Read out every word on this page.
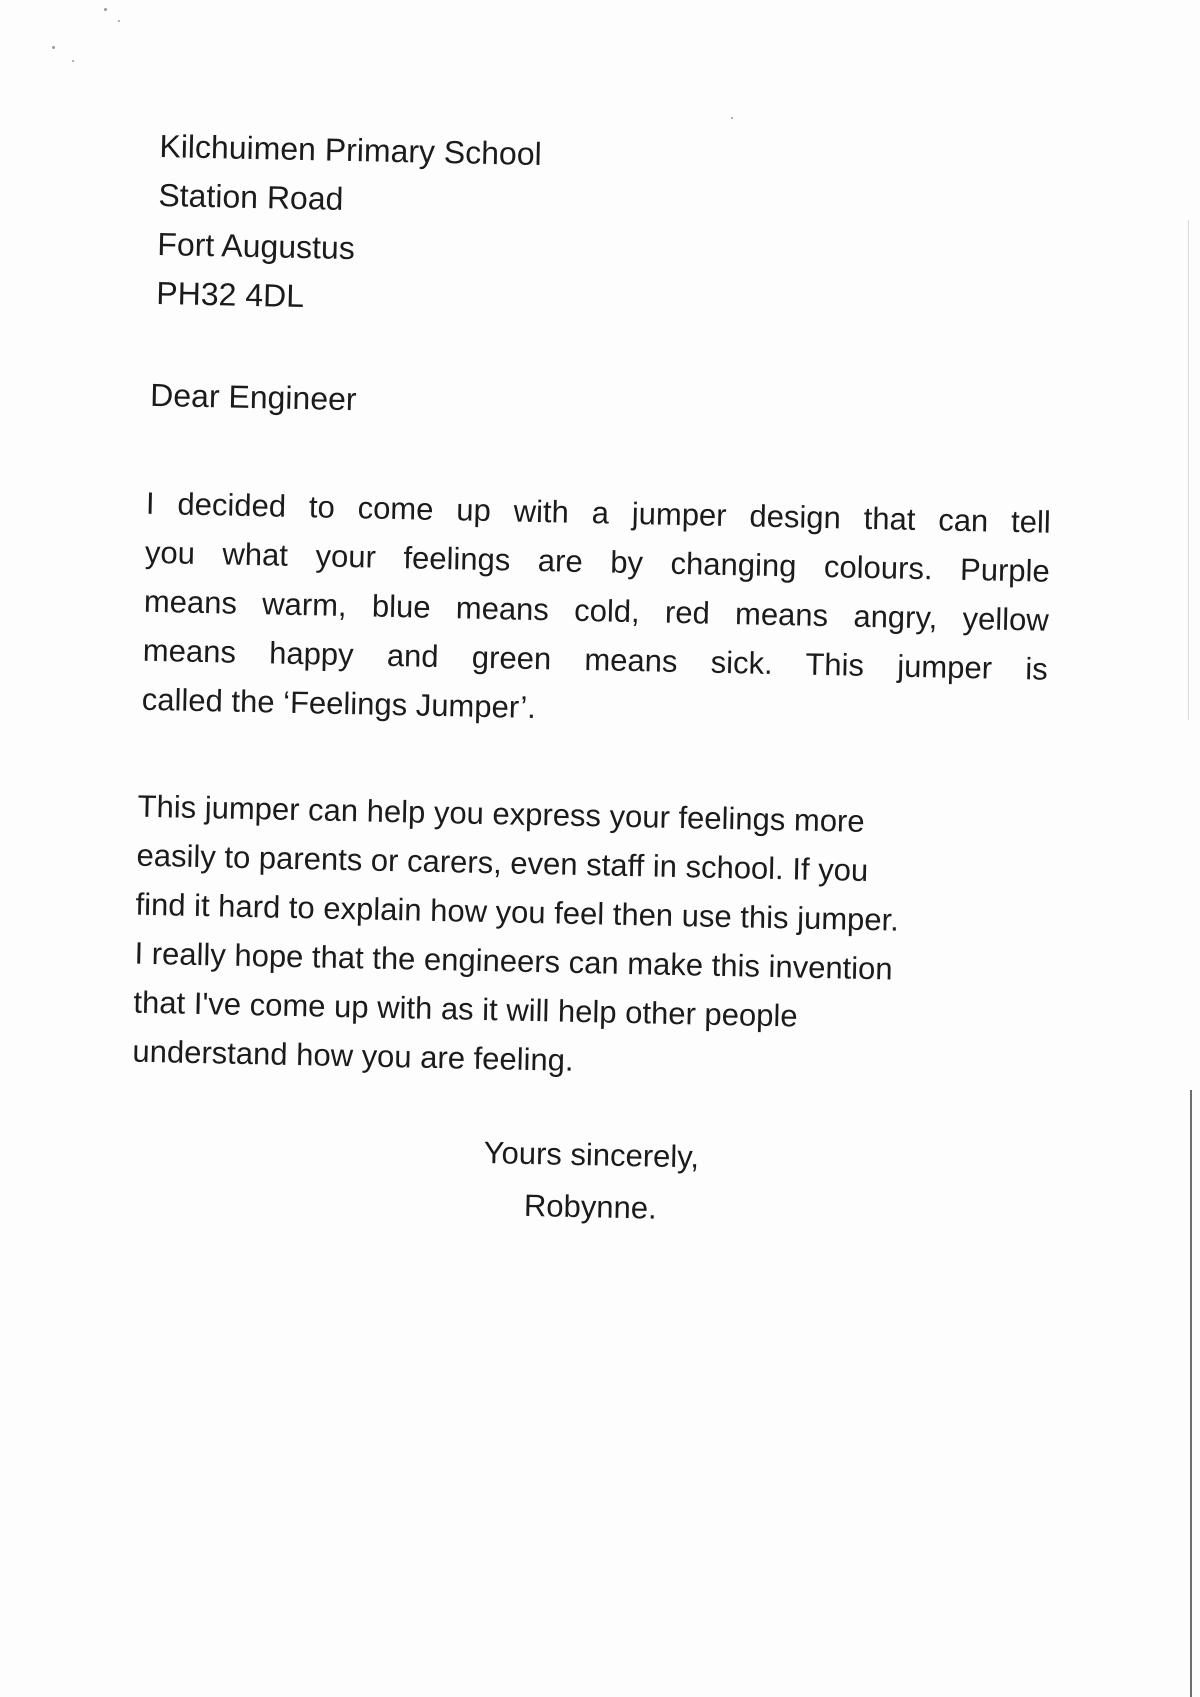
Kilchuimen Primary School
Station Road
Fort Augustus
PH32 4DL
Dear Engineer
I decided to come up with a jumper design that can tell
you what your feelings are by changing colours. Purple
means warm, blue means cold, red means angry, yellow
means happy and green means sick. This jumper is
called the ‘Feelings Jumper’.
This jumper can help you express your feelings more
easily to parents or carers, even staff in school. If you
find it hard to explain how you feel then use this jumper.
I really hope that the engineers can make this invention
that I've come up with as it will help other people
understand how you are feeling.
Yours sincerely,
Robynne.
